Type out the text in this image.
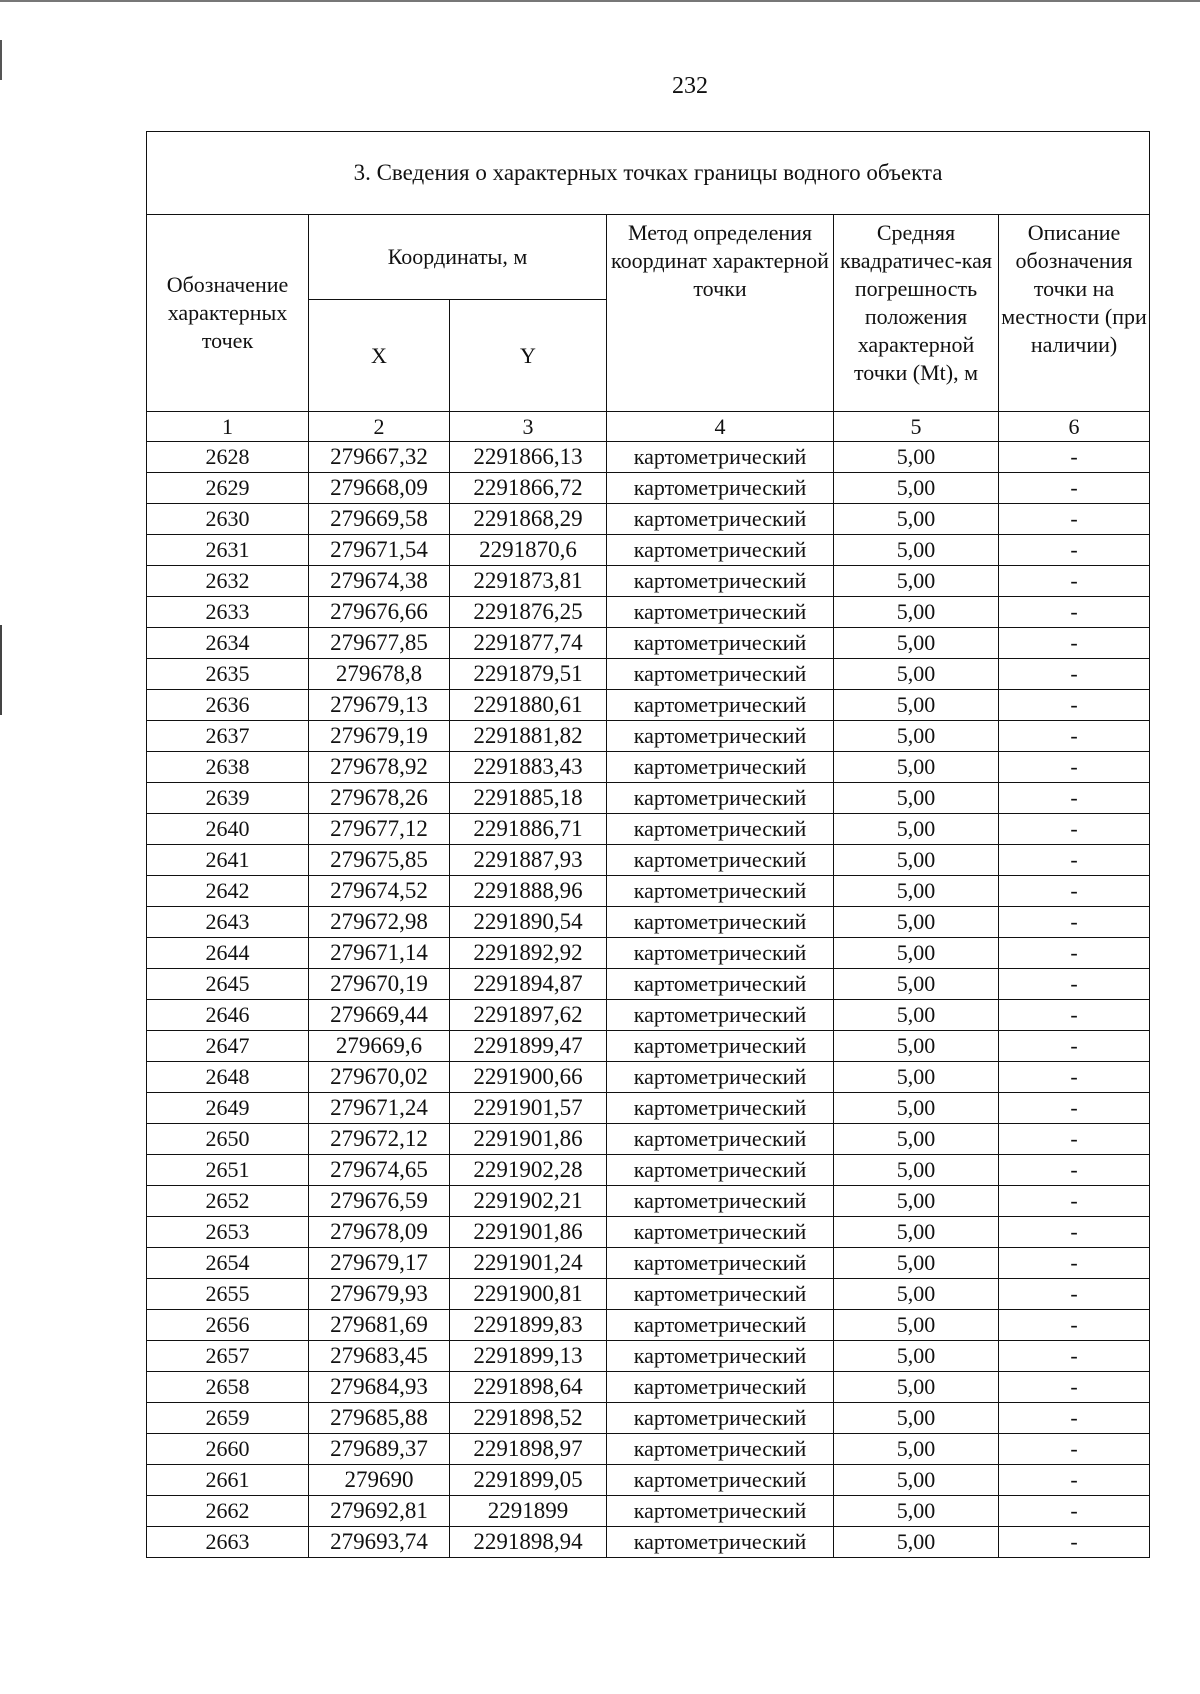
232
3. Сведения о характерных точках границы водного объекта					
Обозначение характерных точек	Координаты, м		Метод определения координат характерной точки	Средняя квадратичес-кая погрешность положения характерной точки (Mt), м	Описание обозначения точки на местности (при наличии)
	X	Y			
1	2	3	4	5	6
2628	279667,32	2291866,13	картометрический	5,00	-
2629	279668,09	2291866,72	картометрический	5,00	-
2630	279669,58	2291868,29	картометрический	5,00	-
2631	279671,54	2291870,6	картометрический	5,00	-
2632	279674,38	2291873,81	картометрический	5,00	-
2633	279676,66	2291876,25	картометрический	5,00	-
2634	279677,85	2291877,74	картометрический	5,00	-
2635	279678,8	2291879,51	картометрический	5,00	-
2636	279679,13	2291880,61	картометрический	5,00	-
2637	279679,19	2291881,82	картометрический	5,00	-
2638	279678,92	2291883,43	картометрический	5,00	-
2639	279678,26	2291885,18	картометрический	5,00	-
2640	279677,12	2291886,71	картометрический	5,00	-
2641	279675,85	2291887,93	картометрический	5,00	-
2642	279674,52	2291888,96	картометрический	5,00	-
2643	279672,98	2291890,54	картометрический	5,00	-
2644	279671,14	2291892,92	картометрический	5,00	-
2645	279670,19	2291894,87	картометрический	5,00	-
2646	279669,44	2291897,62	картометрический	5,00	-
2647	279669,6	2291899,47	картометрический	5,00	-
2648	279670,02	2291900,66	картометрический	5,00	-
2649	279671,24	2291901,57	картометрический	5,00	-
2650	279672,12	2291901,86	картометрический	5,00	-
2651	279674,65	2291902,28	картометрический	5,00	-
2652	279676,59	2291902,21	картометрический	5,00	-
2653	279678,09	2291901,86	картометрический	5,00	-
2654	279679,17	2291901,24	картометрический	5,00	-
2655	279679,93	2291900,81	картометрический	5,00	-
2656	279681,69	2291899,83	картометрический	5,00	-
2657	279683,45	2291899,13	картометрический	5,00	-
2658	279684,93	2291898,64	картометрический	5,00	-
2659	279685,88	2291898,52	картометрический	5,00	-
2660	279689,37	2291898,97	картометрический	5,00	-
2661	279690	2291899,05	картометрический	5,00	-
2662	279692,81	2291899	картометрический	5,00	-
2663	279693,74	2291898,94	картометрический	5,00	-
